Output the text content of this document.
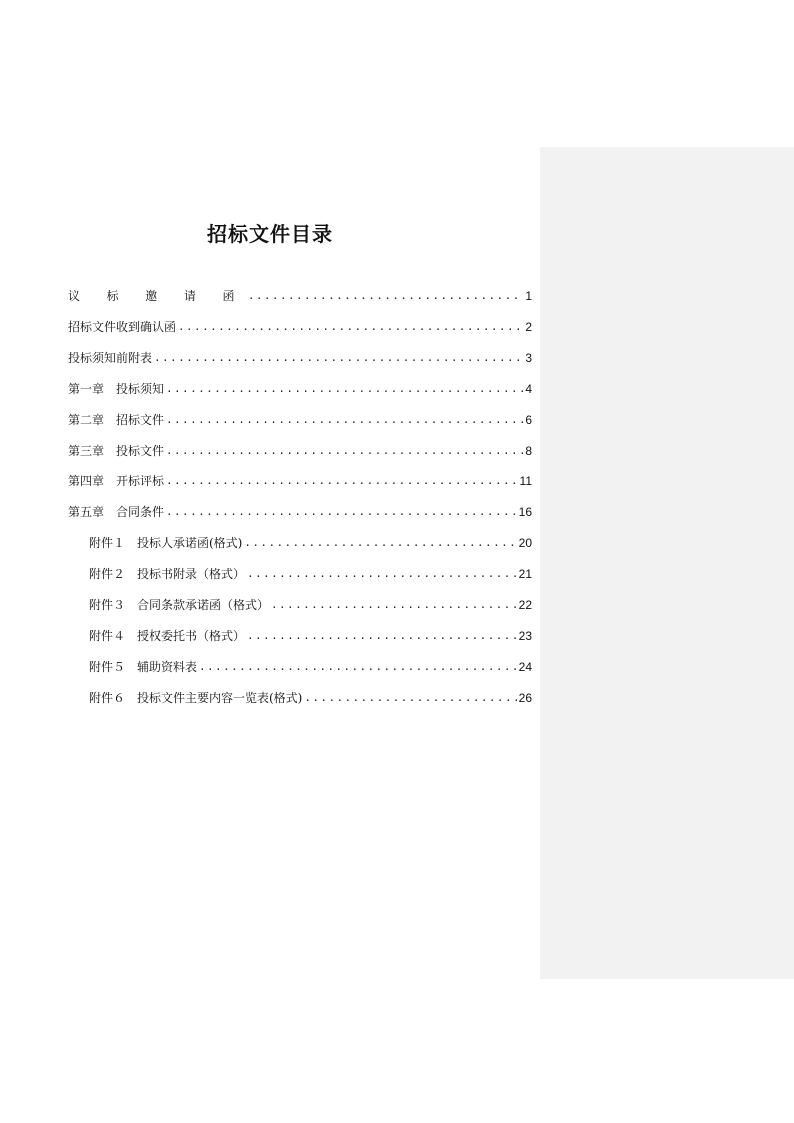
招标文件目录
议 标 邀 请 函 .....	1
招标文件收到确认函 .....	2
投标须知前附表 .....	3
第一章　投标须知 .....	4
第二章　招标文件 .....	6
第三章　投标文件 .....	8
第四章　开标评标 .....	11
第五章　合同条件 .....	16
附件１　投标人承诺函(格式) .....	20
附件２　投标书附录（格式） .....	21
附件３　合同条款承诺函（格式） .....	22
附件４　授权委托书（格式） .....	23
附件５　辅助资料表 .....	24
附件６　投标文件主要内容一览表(格式) .....	26
